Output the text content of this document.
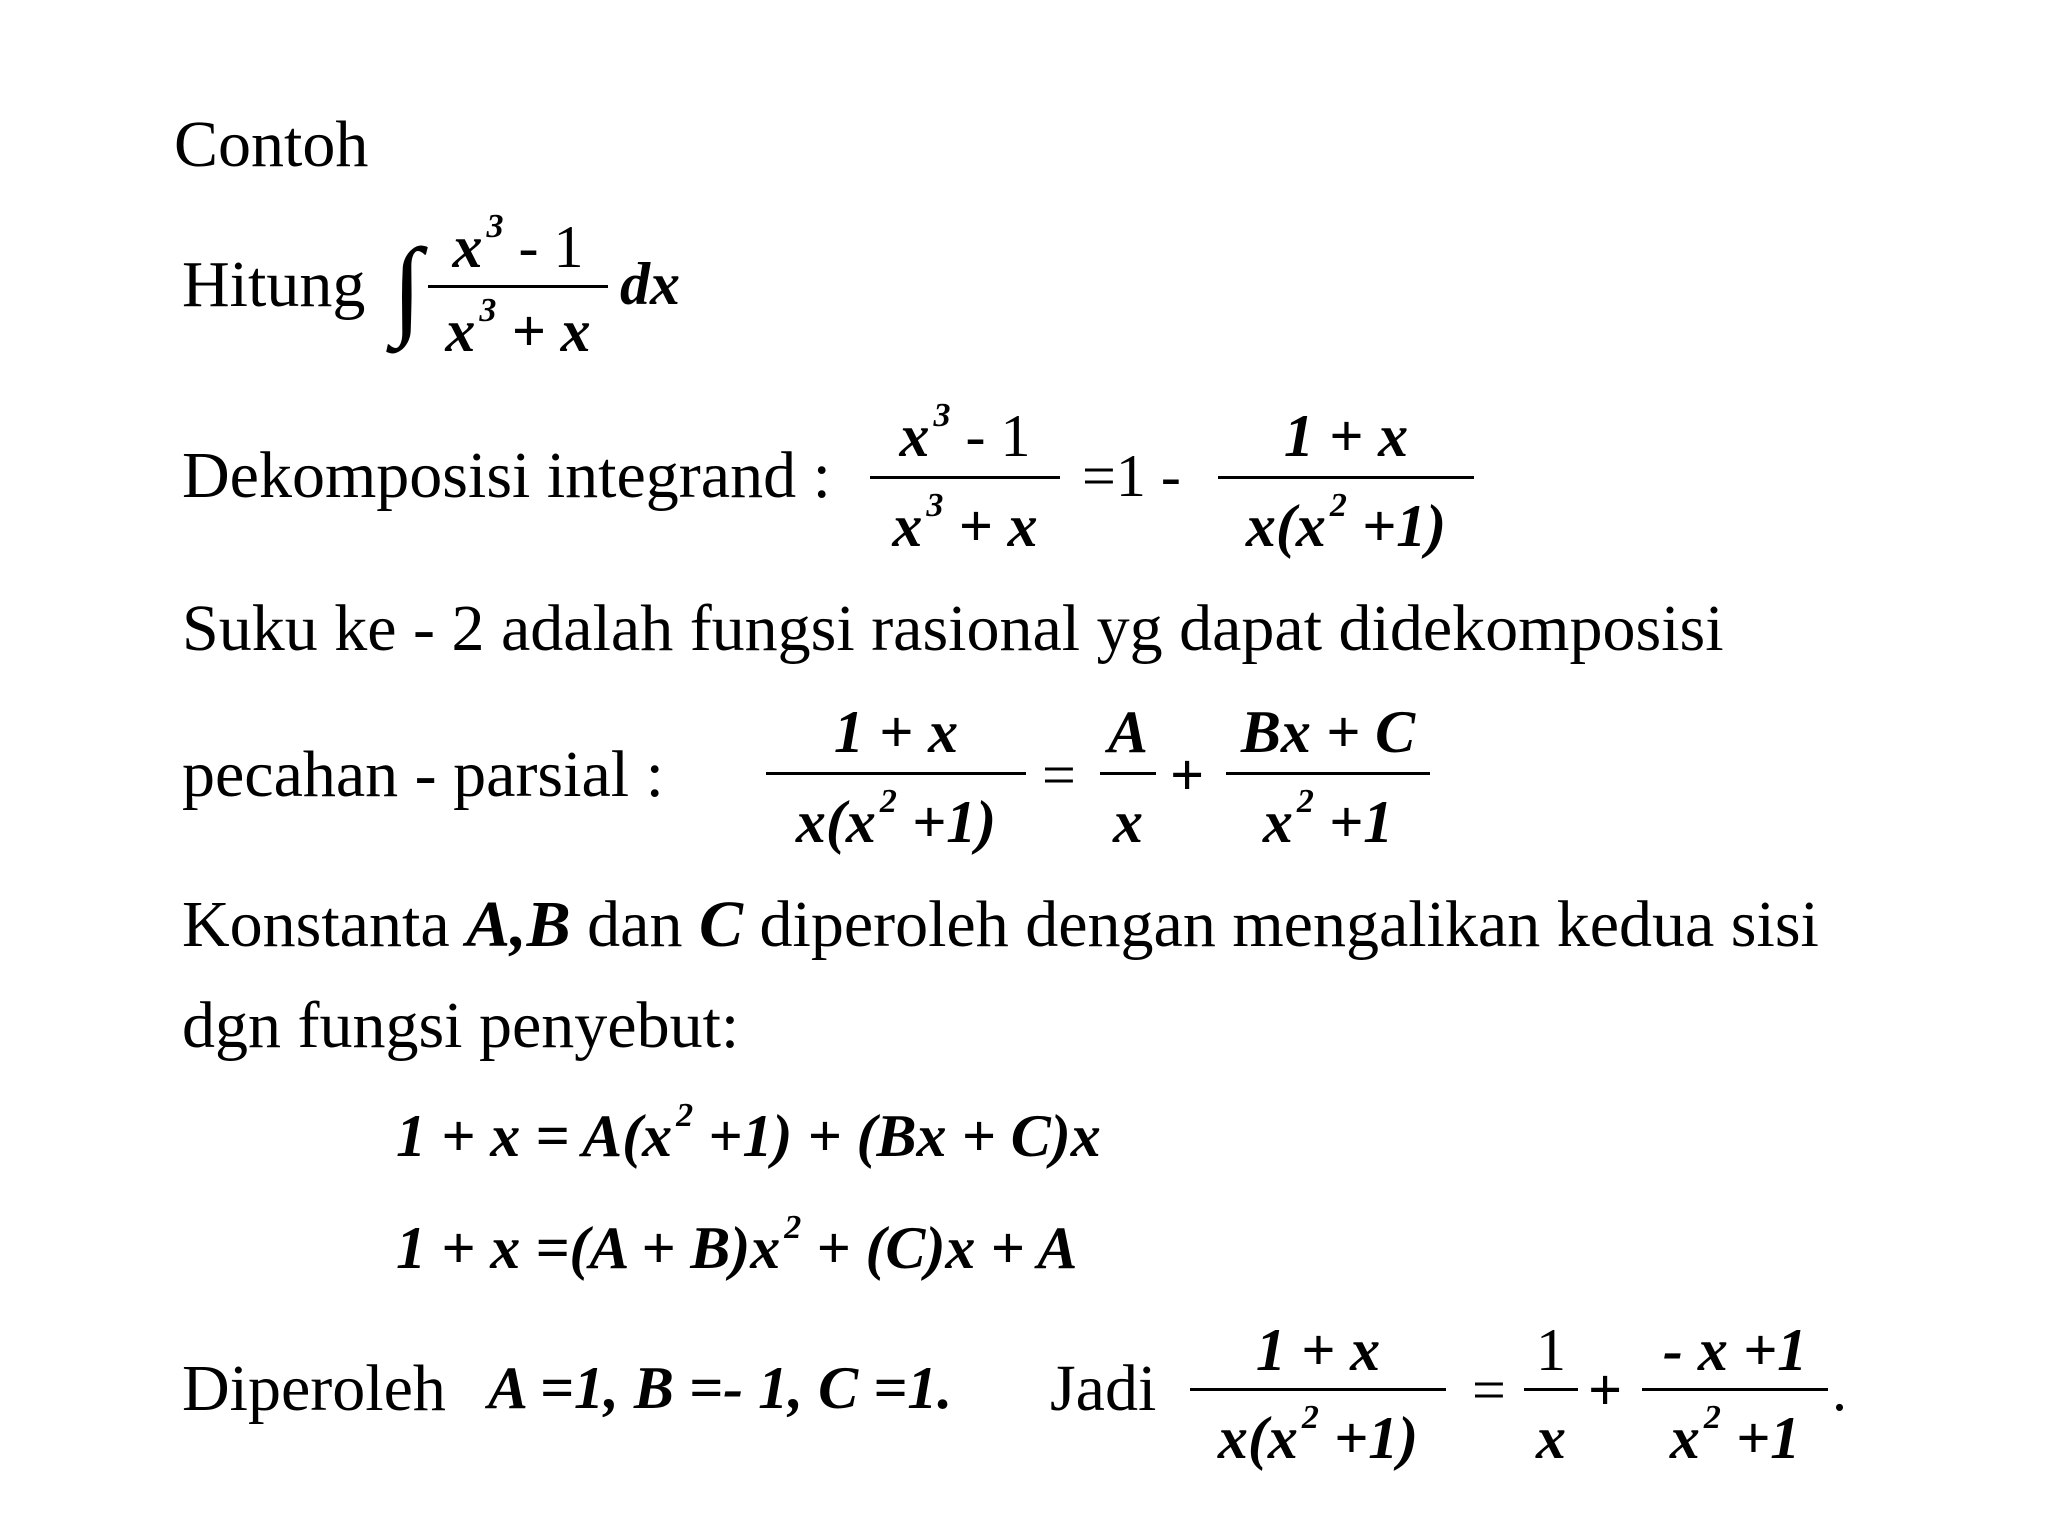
Contoh
Hitung ∫ x $^3$ - 1
x $^3$ + x
dx
Dekomposisi integrand :
x $^3$ - 1
x $^3$ + x
=1 -
1 + x
x(x $^2$ +1)
Suku ke - 2 adalah fungsi rasional yg dapat didekomposisi
pecahan - parsial :
1 + x
x(x $^2$ +1)
=
A
x
+
Bx + C
x $^2$ +1
Konstanta A,B dan C diperoleh dengan mengalikan kedua sisi
dgn fungsi penyebut:
1 + x = A(x $^2$ +1) + (Bx + C)x
1 + x =(A + B)x $^2$ + (C)x + A
Diperoleh A =1, B =- 1, C =1. Jadi
1 + x
x(x $^2$ +1)
=
1
x
+
- x +1
x $^2$ +1
.
